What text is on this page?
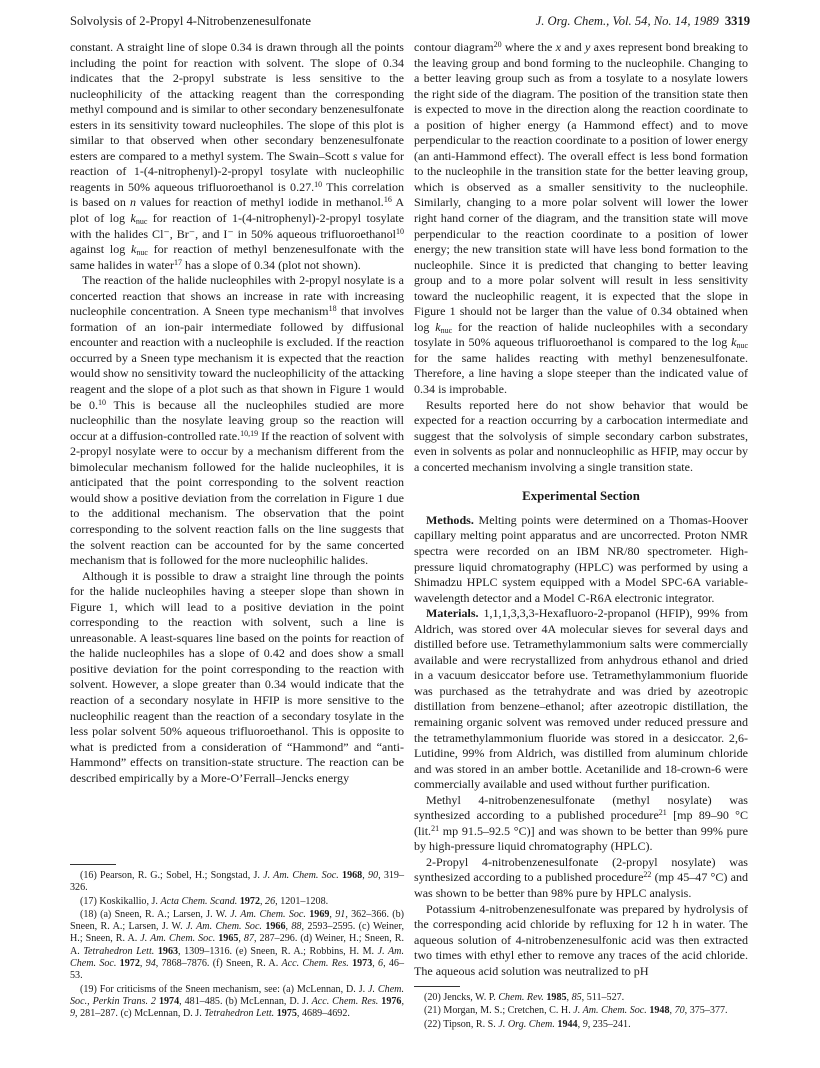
Solvolysis of 2-Propyl 4-Nitrobenzenesulfonate	J. Org. Chem., Vol. 54, No. 14, 1989 3319

constant. A straight line of slope 0.34 is drawn through all the points including the point for reaction with solvent. The slope of 0.34 indicates that the 2-propyl substrate is less sensitive to the nucleophilicity of the attacking reagent than the corresponding methyl compound and is similar to other secondary benzenesulfonate esters in its sensitivity toward nucleophiles. The slope of this plot is similar to that observed when other secondary benzenesulfonate esters are compared to a methyl system. The Swain–Scott s value for reaction of 1-(4-nitrophenyl)-2-propyl tosylate with nucleophilic reagents in 50% aqueous trifluoroethanol is 0.27.10 This correlation is based on n values for reaction of methyl iodide in methanol.$^{16}$ A plot of $\log k_{nuc}$ for reaction of 1-(4-nitrophenyl)-2-propyl tosylate with the halides Cl⁻, Br⁻, and I⁻ in 50% aqueous trifluoroethanol$^{10}$ against $\log k_{nuc}$ for reaction of methyl benzenesulfonate with the same halides in water$^{17}$ has a slope of 0.34 (plot not shown).

The reaction of the halide nucleophiles with 2-propyl nosylate is a concerted reaction that shows an increase in rate with increasing nucleophile concentration. A Sneen type mechanism$^{18}$ that involves formation of an ion-pair intermediate followed by diffusional encounter and reaction with a nucleophile is excluded. If the reaction occurred by a Sneen type mechanism it is expected that the reaction would show no sensitivity toward the nucleophilicity of the attacking reagent and the slope of a plot such as that shown in Figure 1 would be 0.10 This is because all the nucleophiles studied are more nucleophilic than the nosylate leaving group so the reaction will occur at a diffusion-controlled rate.$^{10,19}$ If the reaction of solvent with 2-propyl nosylate were to occur by a mechanism different from the bimolecular mechanism followed for the halide nucleophiles, it is anticipated that the point corresponding to the solvent reaction would show a positive deviation from the correlation in Figure 1 due to the additional mechanism. The observation that the point corresponding to the solvent reaction falls on the line suggests that the solvent reaction can be accounted for by the same concerted mechanism that is followed for the more nucleophilic halides.

Although it is possible to draw a straight line through the points for the halide nucleophiles having a steeper slope than shown in Figure 1, which will lead to a positive deviation in the point corresponding to the reaction with solvent, such a line is unreasonable. A least-squares line based on the points for reaction of the halide nucleophiles has a slope of 0.42 and does show a small positive deviation for the point corresponding to the reaction with solvent. However, a slope greater than 0.34 would indicate that the reaction of a secondary nosylate in HFIP is more sensitive to the nucleophilic reagent than the reaction of a secondary tosylate in the less polar solvent 50% aqueous trifluoroethanol. This is opposite to what is predicted from a consideration of “Hammond” and “anti-Hammond” effects on transition-state structure. The reaction can be described empirically by a More-O’Ferrall–Jencks energy

contour diagram$^{20}$ where the x and y axes represent bond breaking to the leaving group and bond forming to the nucleophile. Changing to a better leaving group such as from a tosylate to a nosylate lowers the right side of the diagram. The position of the transition state then is expected to move in the direction along the reaction coordinate to a position of higher energy (a Hammond effect) and to move perpendicular to the reaction coordinate to a position of lower energy (an anti-Hammond effect). The overall effect is less bond formation to the nucleophile in the transition state for the better leaving group, which is observed as a smaller sensitivity to the nucleophile. Similarly, changing to a more polar solvent will lower the lower right hand corner of the diagram, and the transition state will move perpendicular to the reaction coordinate to a position of lower energy; the new transition state will have less bond formation to the nucleophile. Since it is predicted that changing to better leaving group and to a more polar solvent will result in less sensitivity toward the nucleophilic reagent, it is expected that the slope in Figure 1 should not be larger than the value of 0.34 obtained when $\log k_{nuc}$ for the reaction of halide nucleophiles with a secondary tosylate in 50% aqueous trifluoroethanol is compared to the $\log k_{nuc}$ for the same halides reacting with methyl benzenesulfonate. Therefore, a line having a slope steeper than the indicated value of 0.34 is improbable.

Results reported here do not show behavior that would be expected for a reaction occurring by a carbocation intermediate and suggest that the solvolysis of simple secondary carbon substrates, even in solvents as polar and nonnucleophilic as HFIP, may occur by a concerted mechanism involving a single transition state.

Experimental Section

Methods. Melting points were determined on a Thomas-Hoover capillary melting point apparatus and are uncorrected. Proton NMR spectra were recorded on an IBM NR/80 spectrometer. High-pressure liquid chromatography (HPLC) was performed by using a Shimadzu HPLC system equipped with a Model SPC-6A variable-wavelength detector and a Model C-R6A electronic integrator.

Materials. 1,1,1,3,3,3-Hexafluoro-2-propanol (HFIP), 99% from Aldrich, was stored over 4A molecular sieves for several days and distilled before use. Tetramethylammonium salts were commercially available and were recrystallized from anhydrous ethanol and dried in a vacuum desiccator before use. Tetramethylammonium fluoride was purchased as the tetrahydrate and was dried by azeotropic distillation from benzene–ethanol; after azeotropic distillation, the remaining organic solvent was removed under reduced pressure and the tetramethylammonium fluoride was stored in a desiccator. 2,6-Lutidine, 99% from Aldrich, was distilled from aluminum chloride and was stored in an amber bottle. Acetanilide and 18-crown-6 were commercially available and used without further purification.

Methyl 4-nitrobenzenesulfonate (methyl nosylate) was synthesized according to a published procedure$^{21}$ [mp 89–90 °C (lit.$^{21}$ mp 91.5–92.5 °C)] and was shown to be better than 99% pure by high-pressure liquid chromatography (HPLC).

2-Propyl 4-nitrobenzenesulfonate (2-propyl nosylate) was synthesized according to a published procedure$^{22}$ (mp 45–47 °C) and was shown to be better than 98% pure by HPLC analysis.

Potassium 4-nitrobenzenesulfonate was prepared by hydrolysis of the corresponding acid chloride by refluxing for 12 h in water. The aqueous solution of 4-nitrobenzenesulfonic acid was then extracted two times with ethyl ether to remove any traces of the acid chloride. The aqueous acid solution was neutralized to pH

(16) Pearson, R. G.; Sobel, H.; Songstad, J. J. Am. Chem. Soc. 1968, 90, 319–326.

(17) Koskikallio, J. Acta Chem. Scand. 1972, 26, 1201–1208.

(18) (a) Sneen, R. A.; Larsen, J. W. J. Am. Chem. Soc. 1969, 91, 362–366. (b) Sneen, R. A.; Larsen, J. W. J. Am. Chem. Soc. 1966, 88, 2593–2595. (c) Weiner, H.; Sneen, R. A. J. Am. Chem. Soc. 1965, 87, 287–296. (d) Weiner, H.; Sneen, R. A. Tetrahedron Lett. 1963, 1309–1316. (e) Sneen, R. A.; Robbins, H. M. J. Am. Chem. Soc. 1972, 94, 7868–7876. (f) Sneen, R. A. Acc. Chem. Res. 1973, 6, 46–53.

(19) For criticisms of the Sneen mechanism, see: (a) McLennan, D. J. J. Chem. Soc., Perkin Trans. 2 1974, 481–485. (b) McLennan, D. J. Acc. Chem. Res. 1976, 9, 281–287. (c) McLennan, D. J. Tetrahedron Lett. 1975, 4689–4692.

(20) Jencks, W. P. Chem. Rev. 1985, 85, 511–527.

(21) Morgan, M. S.; Cretchen, C. H. J. Am. Chem. Soc. 1948, 70, 375–377.

(22) Tipson, R. S. J. Org. Chem. 1944, 9, 235–241.
